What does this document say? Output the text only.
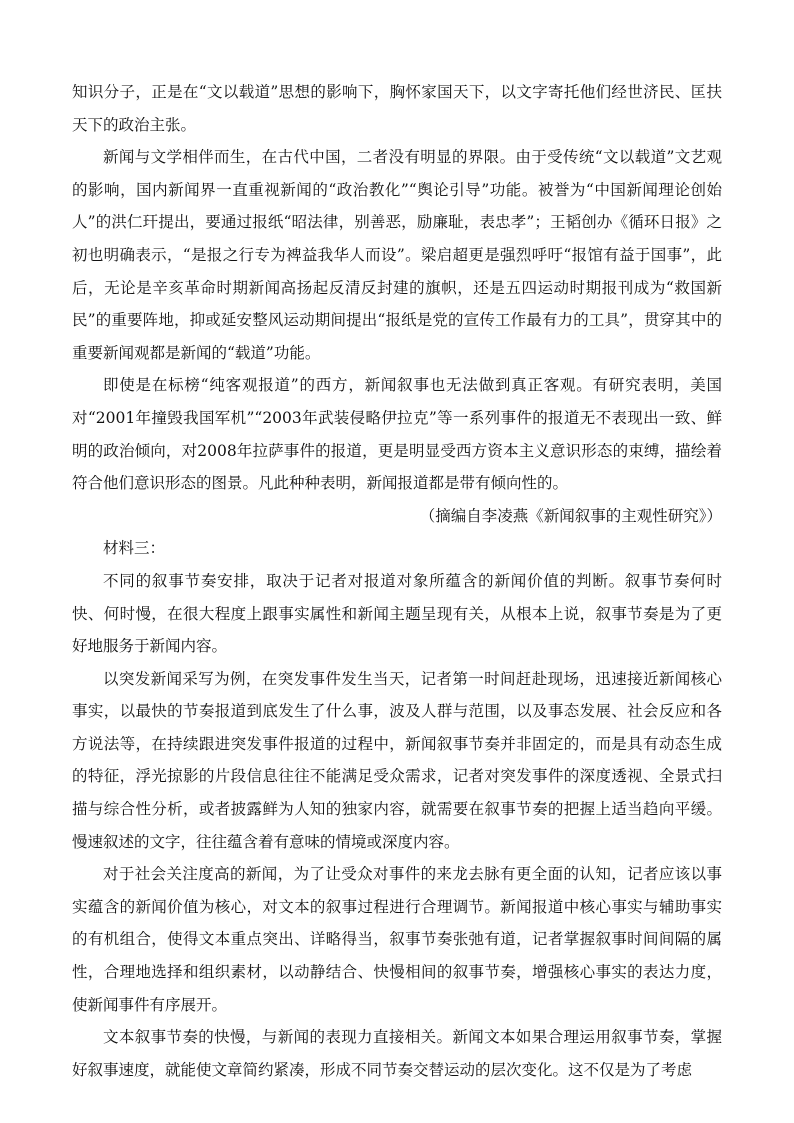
知识分子，正是在“文以载道”思想的影响下，胸怀家国天下，以文字寄托他们经世济民、匡扶天下的政治主张。

新闻与文学相伴而生，在古代中国，二者没有明显的界限。由于受传统“文以载道”文艺观的影响，国内新闻界一直重视新闻的“政治教化”“舆论引导”功能。被誉为“中国新闻理论创始人”的洪仁玕提出，要通过报纸“昭法律，别善恶，励廉耻，表忠孝”；王韬创办《循环日报》之初也明确表示，“是报之行专为裨益我华人而设”。梁启超更是强烈呼吁“报馆有益于国事”，此后，无论是辛亥革命时期新闻高扬起反清反封建的旗帜，还是五四运动时期报刊成为“救国新民”的重要阵地，抑或延安整风运动期间提出“报纸是党的宣传工作最有力的工具”，贯穿其中的重要新闻观都是新闻的“载道”功能。

即使是在标榜“纯客观报道”的西方，新闻叙事也无法做到真正客观。有研究表明，美国对“2001年撞毁我国军机”“2003年武装侵略伊拉克”等一系列事件的报道无不表现出一致、鲜明的政治倾向，对2008年拉萨事件的报道，更是明显受西方资本主义意识形态的束缚，描绘着符合他们意识形态的图景。凡此种种表明，新闻报道都是带有倾向性的。

（摘编自李凌燕《新闻叙事的主观性研究》）

材料三：

不同的叙事节奏安排，取决于记者对报道对象所蕴含的新闻价值的判断。叙事节奏何时快、何时慢，在很大程度上跟事实属性和新闻主题呈现有关，从根本上说，叙事节奏是为了更好地服务于新闻内容。

以突发新闻采写为例，在突发事件发生当天，记者第一时间赶赴现场，迅速接近新闻核心事实，以最快的节奏报道到底发生了什么事，波及人群与范围，以及事态发展、社会反应和各方说法等，在持续跟进突发事件报道的过程中，新闻叙事节奏并非固定的，而是具有动态生成的特征，浮光掠影的片段信息往往不能满足受众需求，记者对突发事件的深度透视、全景式扫描与综合性分析，或者披露鲜为人知的独家内容，就需要在叙事节奏的把握上适当趋向平缓。慢速叙述的文字，往往蕴含着有意味的情境或深度内容。

对于社会关注度高的新闻，为了让受众对事件的来龙去脉有更全面的认知，记者应该以事实蕴含的新闻价值为核心，对文本的叙事过程进行合理调节。新闻报道中核心事实与辅助事实的有机组合，使得文本重点突出、详略得当，叙事节奏张弛有道，记者掌握叙事时间间隔的属性，合理地选择和组织素材，以动静结合、快慢相间的叙事节奏，增强核心事实的表达力度，使新闻事件有序展开。

文本叙事节奏的快慢，与新闻的表现力直接相关。新闻文本如果合理运用叙事节奏，掌握好叙事速度，就能使文章简约紧凑，形成不同节奏交替运动的层次变化。这不仅是为了考虑
